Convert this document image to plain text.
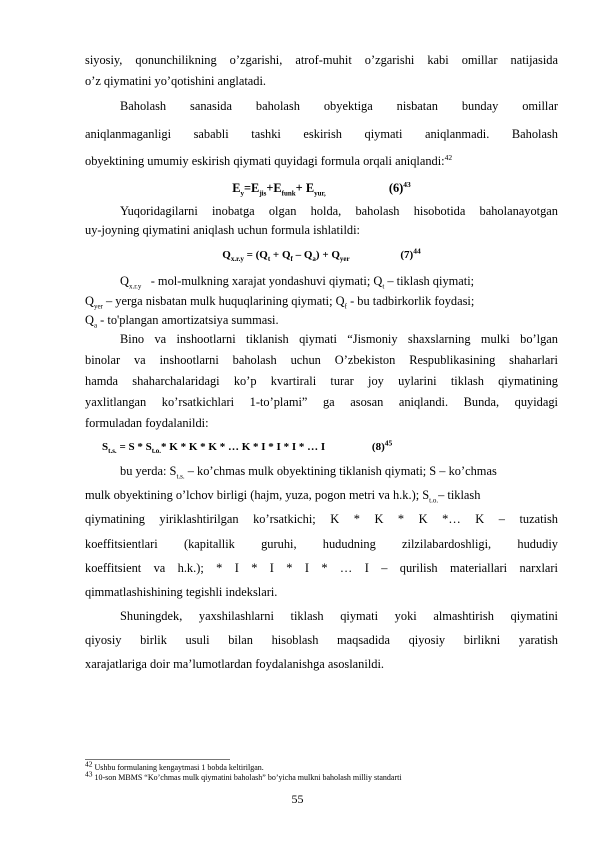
siyosiy, qonunchilikning o’zgarishi, atrof-muhit o’zgarishi kabi omillar natijasida
o’z qiymatini yo’qotishini anglatadi.
Baholash sanasida baholash obyektiga nisbatan bunday omillar
aniqlanmaganligi sababli tashki eskirish qiymati aniqlanmadi. Baholash
obyektining umumiy eskirish qiymati quyidagi formula orqali aniqlandi:$^{42}$
$E_y=E_{jis}+E_{funk}+ E_{yur,}$	$(6)^{43}$
Yuqoridagilarni inobatga olgan holda, baholash hisobotida baholanayotgan
uy-joyning qiymatini aniqlash uchun formula ishlatildi:
$Q_{x.r.y} = (Q_t + Q_f - Q_a) + Q_{yer}$	$(7)^{44}$
$Q_{x.r.y}$ - mol-mulkning xarajat yondashuvi qiymati; $Q_t$ – tiklash qiymati;
$Q_{yer}$ – yerga nisbatan mulk huquqlarining qiymati; $Q_f$ - bu tadbirkorlik foydasi;
$Q_a$ - to'plangan amortizatsiya summasi.
Bino va inshootlarni tiklanish qiymati “Jismoniy shaxslarning mulki bo’lgan
binolar va inshootlarni baholash uchun O’zbekiston Respublikasining shaharlari
hamda shaharchalaridagi ko’p kvartirali turar joy uylarini tiklash qiymatining
yaxlitlangan ko’rsatkichlari 1-to’plami” ga asosan aniqlandi. Bunda, quyidagi
formuladan foydalanildi:
$S_{t.s.} = S * S_{t.o.}*$ K * K * K * … K * I * I * I * … I	$(8)^{45}$
bu yerda: $S_{t.s.}$ – ko’chmas mulk obyektining tiklanish qiymati; S – ko’chmas
mulk obyektining o’lchov birligi (hajm, yuza, pogon metri va h.k.); $S_{t.o.}-$ tiklash
qiymatining yiriklashtirilgan ko’rsatkichi; K * K * K *… K – tuzatish
koeffitsientlari (kapitallik guruhi, hududning zilzilabardoshligi, hududiy
koeffitsient va h.k.); * I * I * I * … I – qurilish materiallari narxlari
qimmatlashishining tegishli indekslari.
Shuningdek, yaxshilashlarni tiklash qiymati yoki almashtirish qiymatini
qiyosiy birlik usuli bilan hisoblash maqsadida qiyosiy birlikni yaratish
xarajatlariga doir ma’lumotlardan foydalanishga asoslanildi.
$^{42}$ Ushbu formulaning kengaytmasi 1 bobda keltirilgan.
$^{43}$ 10-son MBMS “Ko’chmas mulk qiymatini baholash” bo’yicha mulkni baholash milliy standarti
55
